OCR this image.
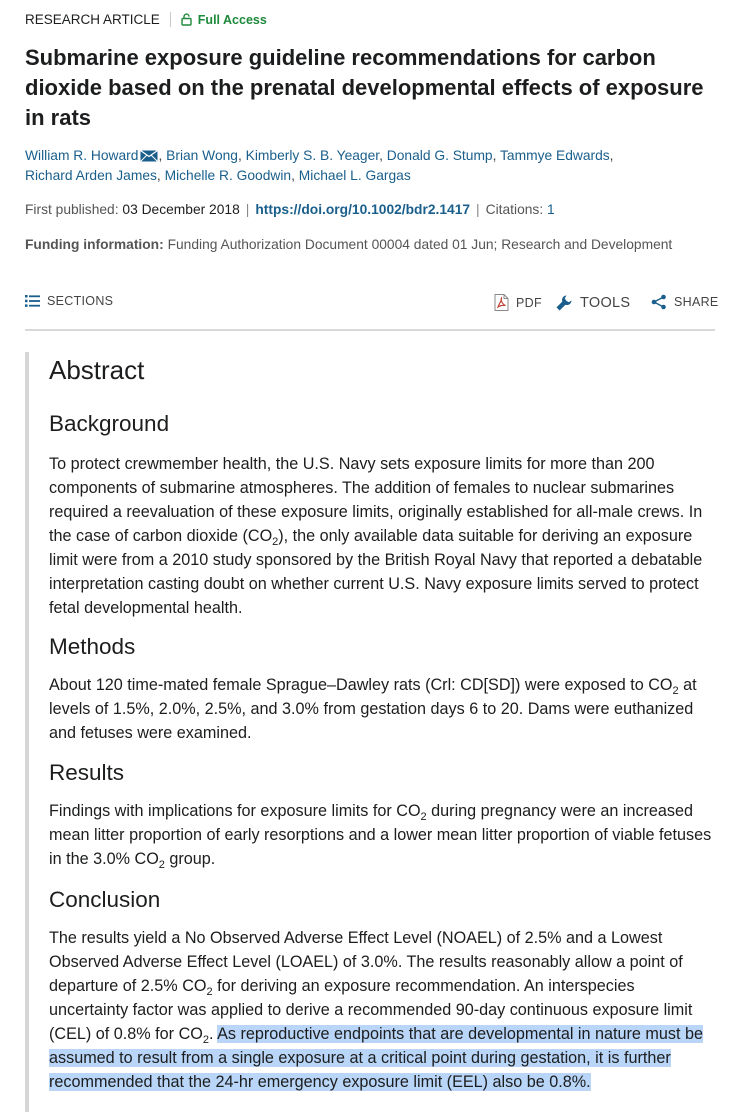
RESEARCH ARTICLE	Full Access
Submarine exposure guideline recommendations for carbon dioxide based on the prenatal developmental effects of exposure in rats
William R. Howard , Brian Wong, Kimberly S. B. Yeager, Donald G. Stump, Tammye Edwards,
Richard Arden James, Michelle R. Goodwin, Michael L. Gargas
First published: 03 December 2018 | https://doi.org/10.1002/bdr2.1417 | Citations: 1
Funding information: Funding Authorization Document 00004 dated 01 Jun; Research and Development
SECTIONS	PDF	TOOLS	SHARE
Abstract
Background

To protect crewmember health, the U.S. Navy sets exposure limits for more than 200 components of submarine atmospheres. The addition of females to nuclear submarines required a reevaluation of these exposure limits, originally established for all-male crews. In the case of carbon dioxide $(CO_2)$, the only available data suitable for deriving an exposure limit were from a 2010 study sponsored by the British Royal Navy that reported a debatable interpretation casting doubt on whether current U.S. Navy exposure limits served to protect fetal developmental health.

Methods

About 120 time-mated female Sprague–Dawley rats (Crl: CD[SD]) were exposed to $CO_2$ at levels of 1.5%, 2.0%, 2.5%, and 3.0% from gestation days 6 to 20. Dams were euthanized and fetuses were examined.

Results

Findings with implications for exposure limits for $CO_2$ during pregnancy were an increased mean litter proportion of early resorptions and a lower mean litter proportion of viable fetuses in the 3.0% $CO_2$ group.

Conclusion

The results yield a No Observed Adverse Effect Level (NOAEL) of 2.5% and a Lowest Observed Adverse Effect Level (LOAEL) of 3.0%. The results reasonably allow a point of departure of 2.5% $CO_2$ for deriving an exposure recommendation. An interspecies uncertainty factor was applied to derive a recommended 90-day continuous exposure limit (CEL) of 0.8% for $CO_2$. As reproductive endpoints that are developmental in nature must be assumed to result from a single exposure at a critical point during gestation, it is further recommended that the 24-hr emergency exposure limit (EEL) also be 0.8%.
